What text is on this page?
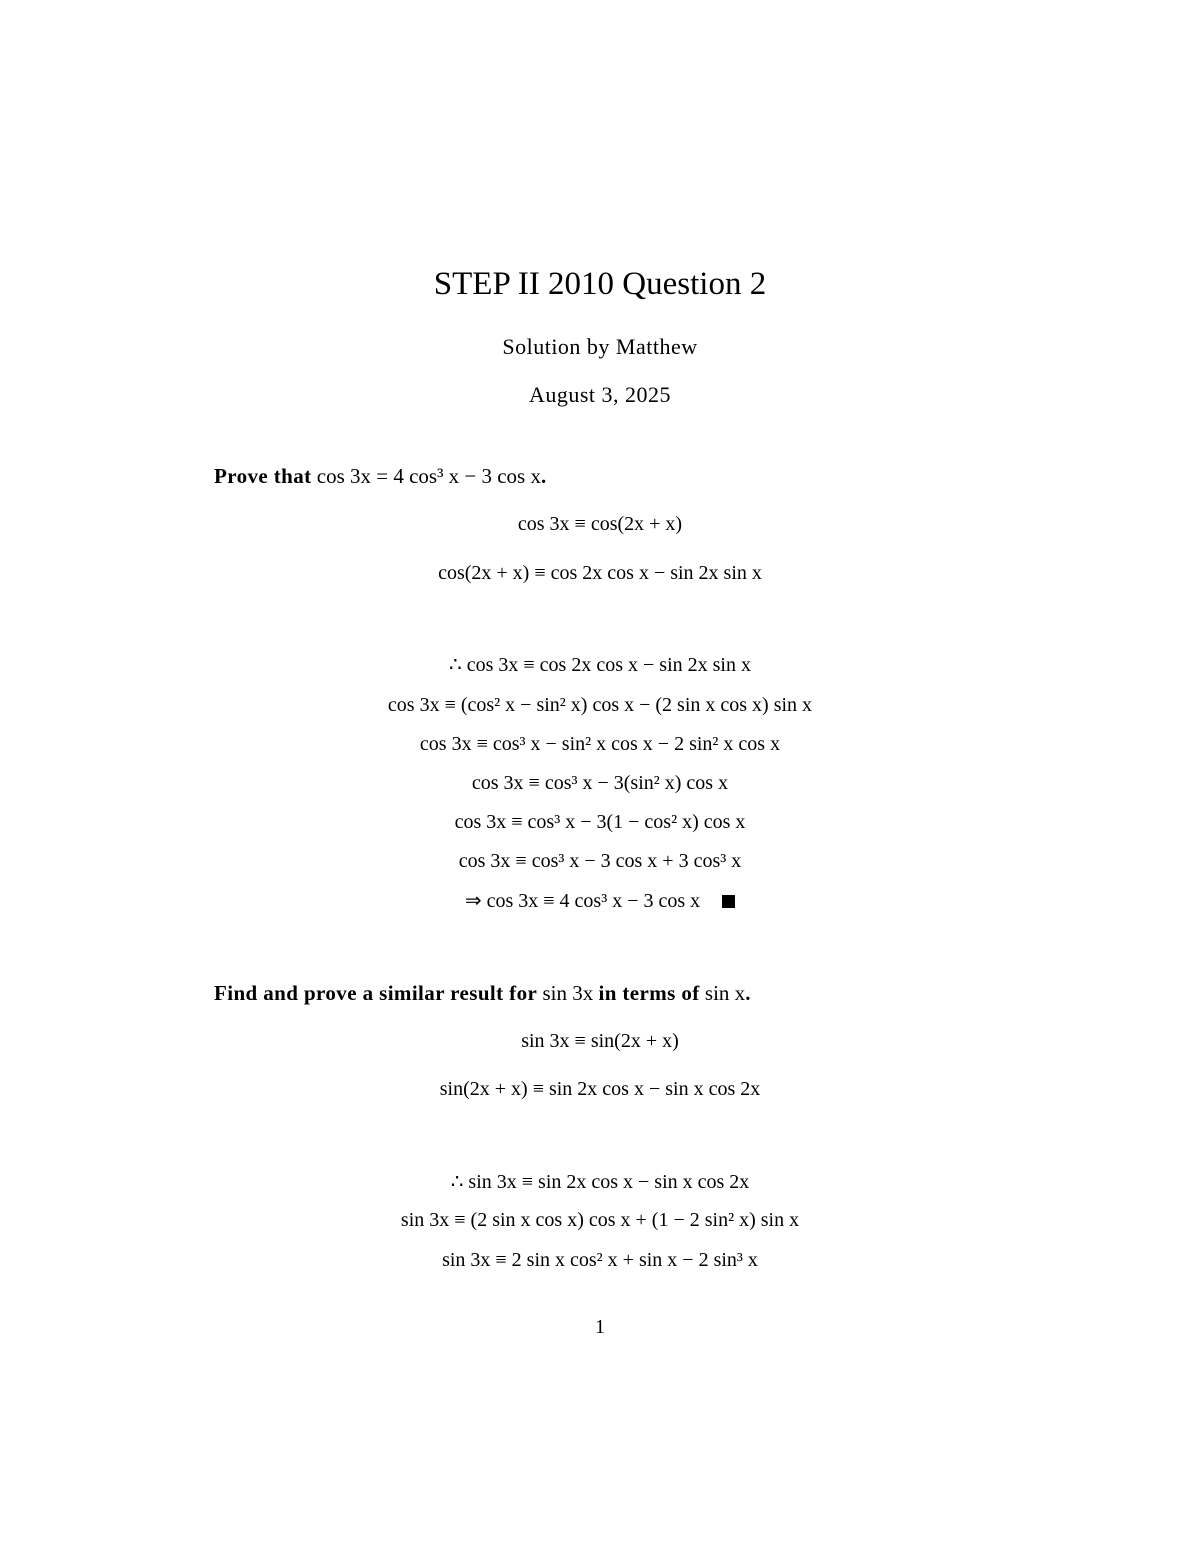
STEP II 2010 Question 2
Solution by Matthew
August 3, 2025
Prove that cos 3x = 4 cos³ x − 3 cos x.
cos 3x ≡ cos(2x + x)
cos(2x + x) ≡ cos 2x cos x − sin 2x sin x
∴ cos 3x ≡ cos 2x cos x − sin 2x sin x
cos 3x ≡ (cos² x − sin² x) cos x − (2 sin x cos x) sin x
cos 3x ≡ cos³ x − sin² x cos x − 2 sin² x cos x
cos 3x ≡ cos³ x − 3(sin² x) cos x
cos 3x ≡ cos³ x − 3(1 − cos² x) cos x
cos 3x ≡ cos³ x − 3 cos x + 3 cos³ x
⇒ cos 3x ≡ 4 cos³ x − 3 cos x
Find and prove a similar result for sin 3x in terms of sin x.
sin 3x ≡ sin(2x + x)
sin(2x + x) ≡ sin 2x cos x − sin x cos 2x
∴ sin 3x ≡ sin 2x cos x − sin x cos 2x
sin 3x ≡ (2 sin x cos x) cos x + (1 − 2 sin² x) sin x
sin 3x ≡ 2 sin x cos² x + sin x − 2 sin³ x
1
